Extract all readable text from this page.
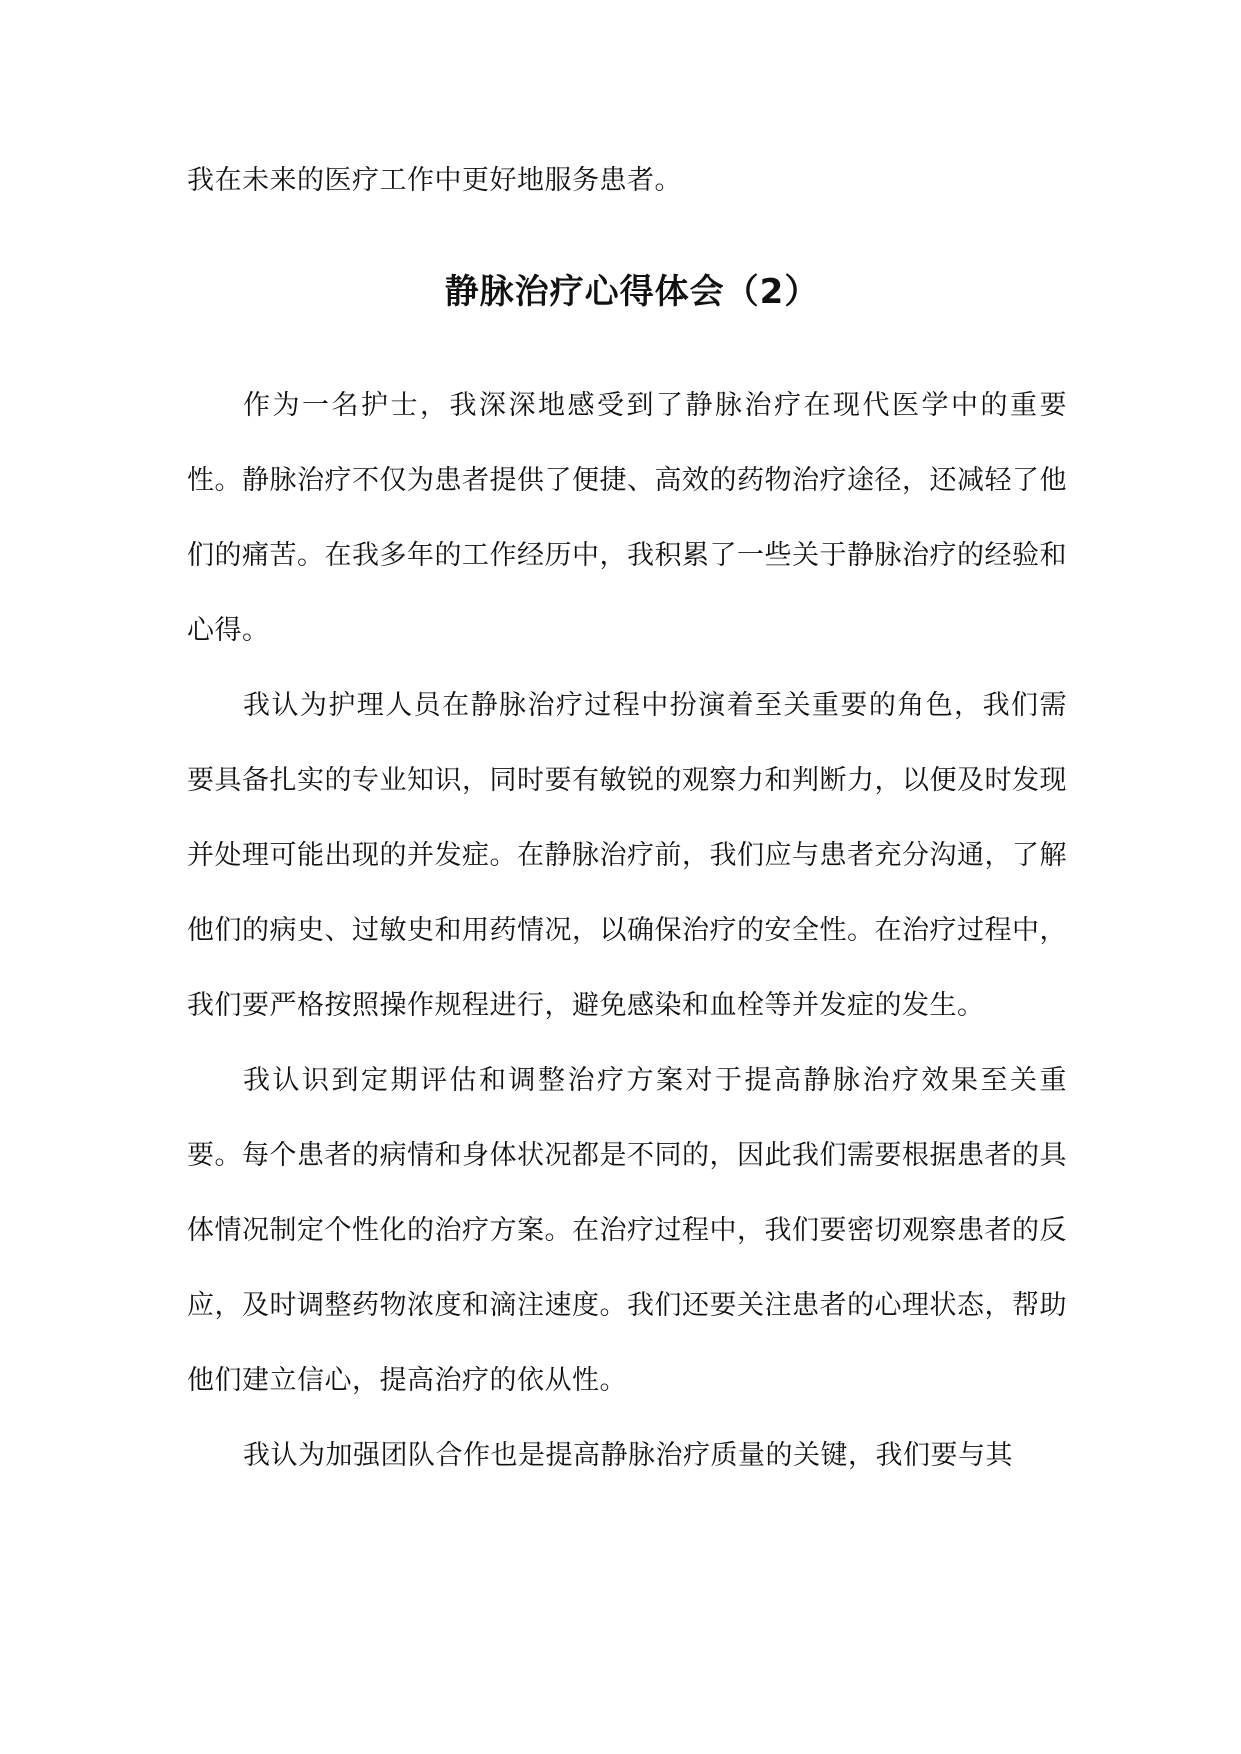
我在未来的医疗工作中更好地服务患者。

静脉治疗心得体会（2）

作为一名护士，我深深地感受到了静脉治疗在现代医学中的重要性。静脉治疗不仅为患者提供了便捷、高效的药物治疗途径，还减轻了他们的痛苦。在我多年的工作经历中，我积累了一些关于静脉治疗的经验和心得。

我认为护理人员在静脉治疗过程中扮演着至关重要的角色，我们需要具备扎实的专业知识，同时要有敏锐的观察力和判断力，以便及时发现并处理可能出现的并发症。在静脉治疗前，我们应与患者充分沟通，了解他们的病史、过敏史和用药情况，以确保治疗的安全性。在治疗过程中，我们要严格按照操作规程进行，避免感染和血栓等并发症的发生。

我认识到定期评估和调整治疗方案对于提高静脉治疗效果至关重要。每个患者的病情和身体状况都是不同的，因此我们需要根据患者的具体情况制定个性化的治疗方案。在治疗过程中，我们要密切观察患者的反应，及时调整药物浓度和滴注速度。我们还要关注患者的心理状态，帮助他们建立信心，提高治疗的依从性。

我认为加强团队合作也是提高静脉治疗质量的关键，我们要与其
